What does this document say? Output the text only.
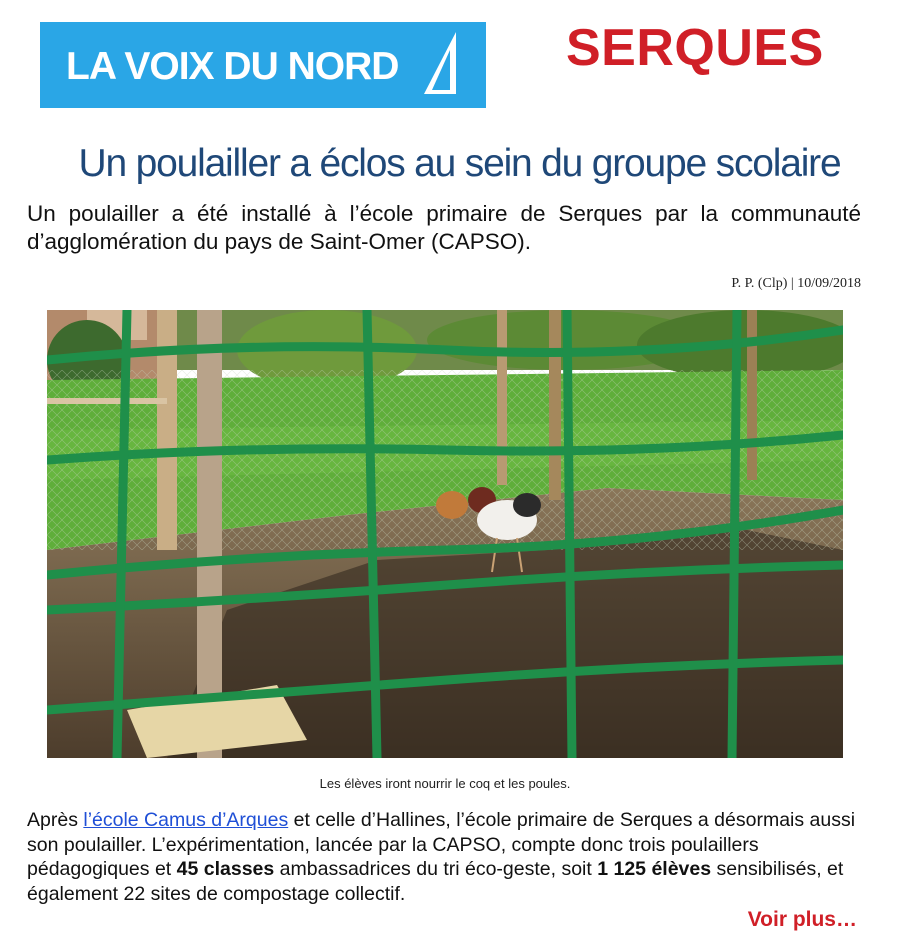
LA VOIX DU NORD	SERQUES
Un poulailler a éclos au sein du groupe scolaire
Un poulailler a été installé à l’école primaire de Serques par la communauté d’agglomération du pays de Saint-Omer (CAPSO).
P. P. (Clp) | 10/09/2018
Les élèves iront nourrir le coq et les poules.
Après l’école Camus d’Arques et celle d’Hallines, l’école primaire de Serques a désormais aussi son poulailler. L’expérimentation, lancée par la CAPSO, compte donc trois poulaillers pédagogiques et 45 classes ambassadrices du tri éco-geste, soit 1 125 élèves sensibilisés, et également 22 sites de compostage collectif.
Voir plus…
